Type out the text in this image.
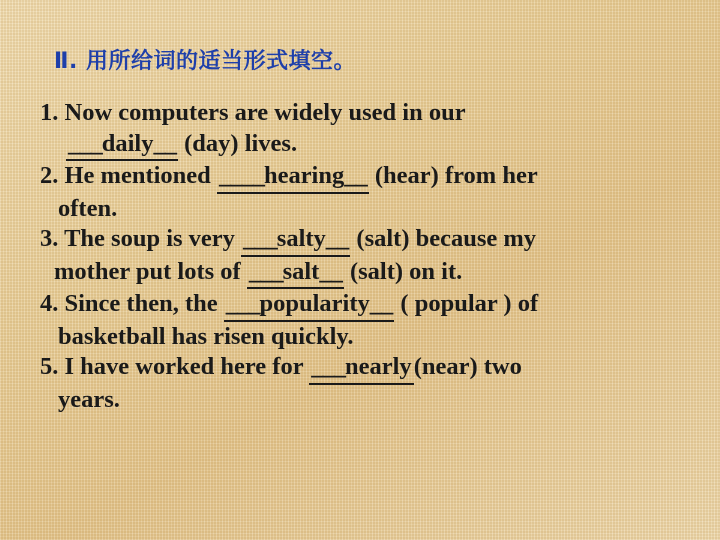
Ⅱ. 用所给词的适当形式填空。
1. Now computers are widely used in our
___daily__ (day) lives.
2. He mentioned ____hearing__ (hear) from her
often.
3. The soup is very ___salty__ (salt) because my
mother put lots of ___salt__ (salt) on it.
4. Since then, the ___popularity__ ( popular ) of
basketball has risen quickly.
5. I have worked here for ___nearly(near) two
years.
